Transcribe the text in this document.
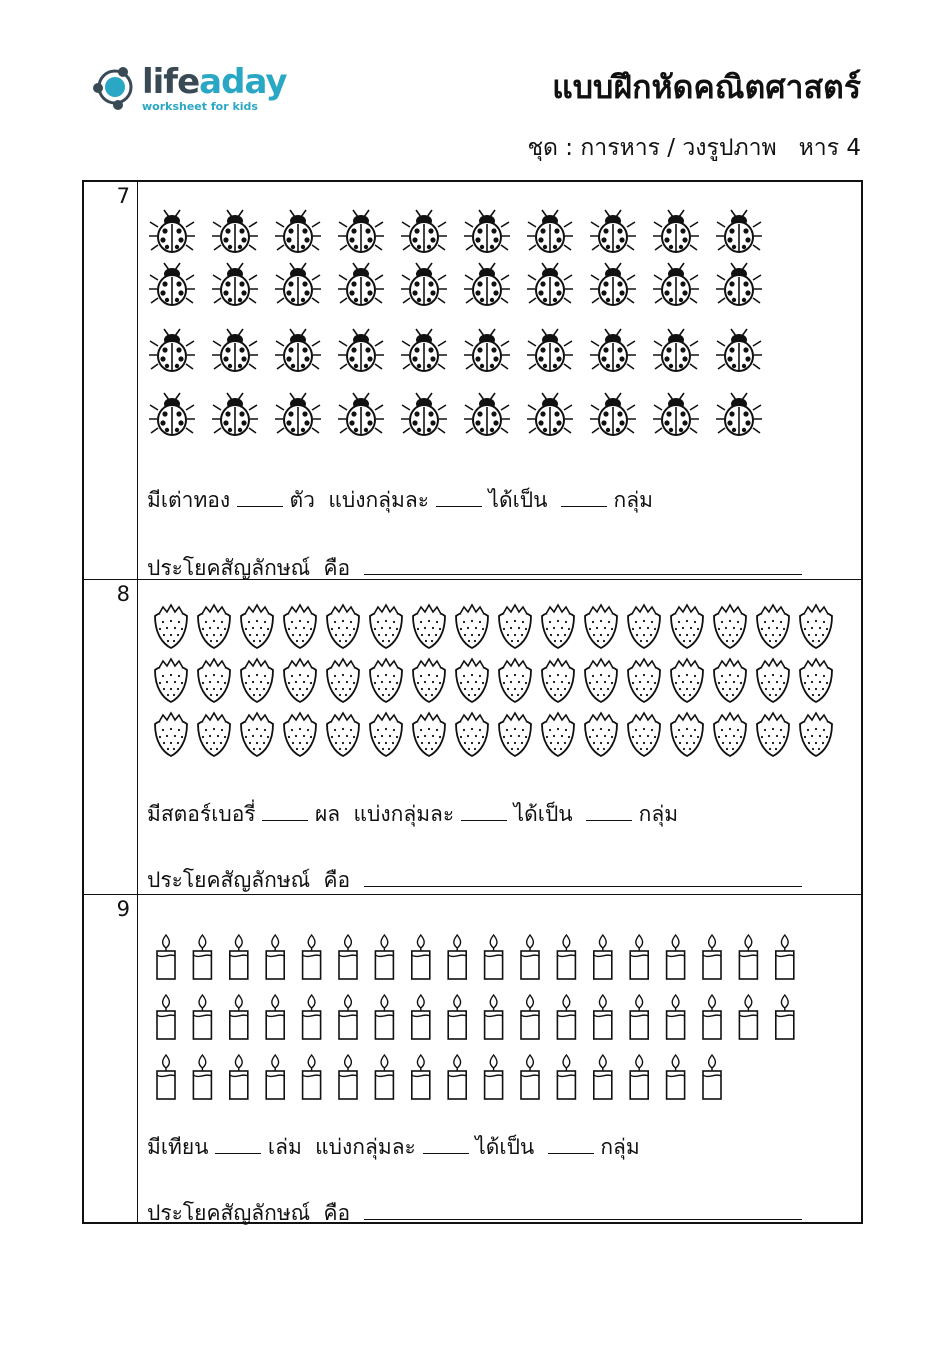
lifeaday
worksheet for kids
แบบฝึกหัดคณิตศาสตร์
ชุด : การหาร / วงรูปภาพ   หาร 4
7
มีเต่าทอง	ตัว  แบ่งกลุ่มละ	ได้เป็น	กลุ่ม
ประโยคสัญลักษณ์  คือ
8
มีสตอร์เบอรี่	ผล  แบ่งกลุ่มละ	ได้เป็น	กลุ่ม
ประโยคสัญลักษณ์  คือ
9
มีเทียน	เล่ม  แบ่งกลุ่มละ	ได้เป็น	กลุ่ม
ประโยคสัญลักษณ์  คือ
